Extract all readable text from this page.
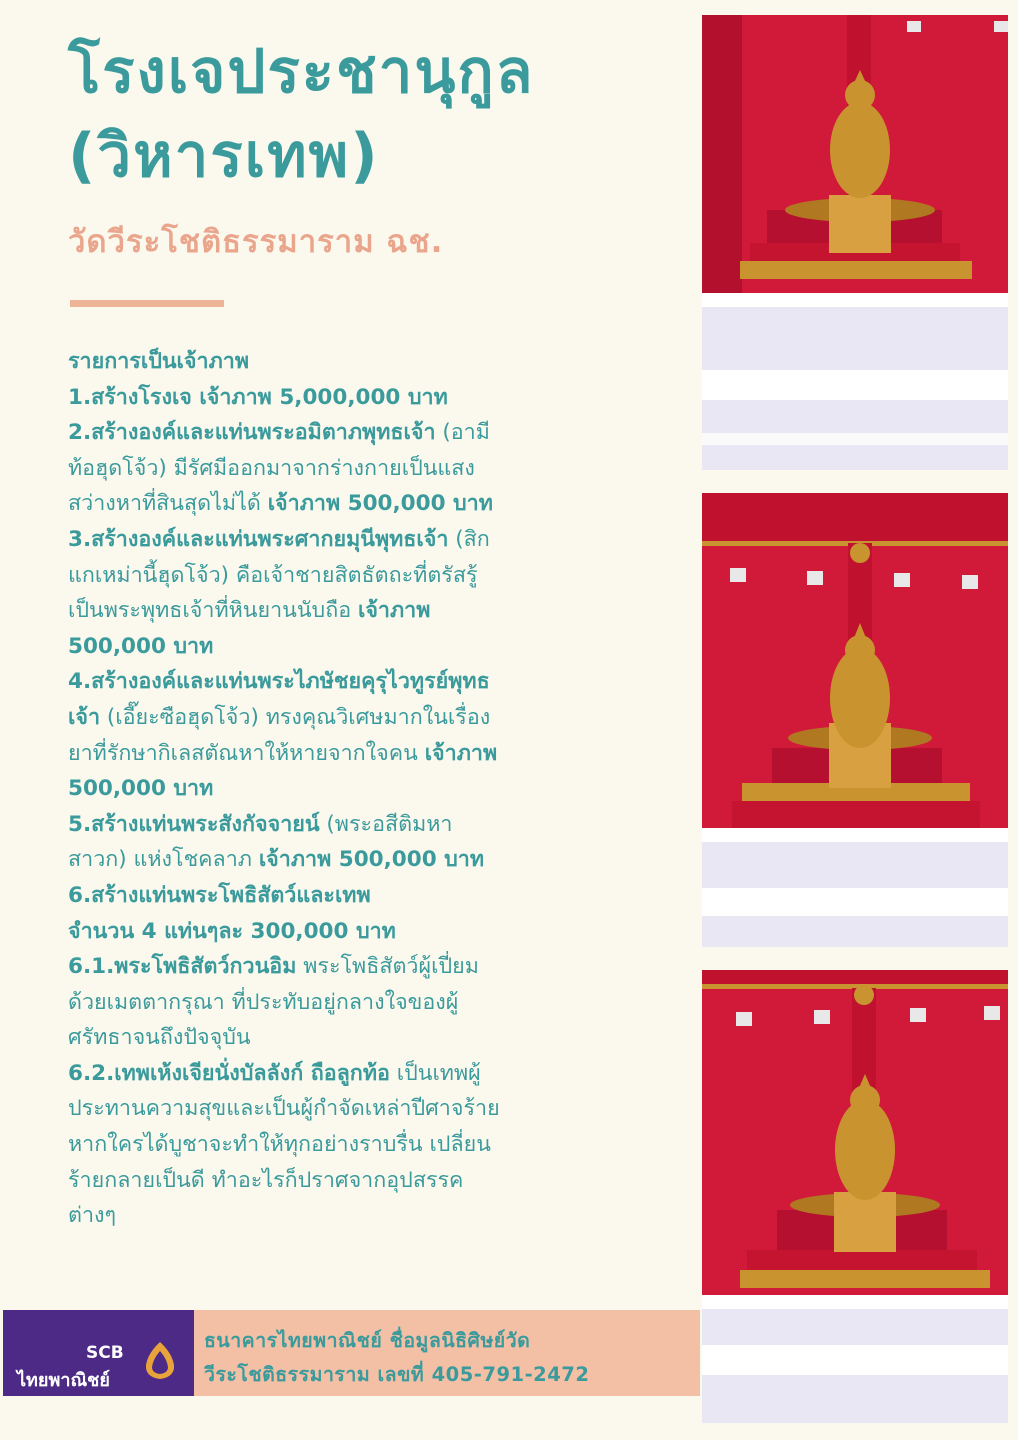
โรงเจประชานุกูล
(วิหารเทพ)
วัดวีระโชติธรรมาราม ฉช.

รายการเป็นเจ้าภาพ

1.สร้างโรงเจ เจ้าภาพ 5,000,000 บาท

2.สร้างองค์และแท่นพระอมิตาภพุทธเจ้า (อามีท้อฮุดโจ้ว) มีรัศมีออกมาจากร่างกายเป็นแสงสว่างหาที่สินสุดไม่ได้ เจ้าภาพ 500,000 บาท

3.สร้างองค์และแท่นพระศากยมุนีพุทธเจ้า (สิกแกเหม่านี้ฮุดโจ้ว) คือเจ้าชายสิตธัตถะที่ตรัสรู้เป็นพระพุทธเจ้าที่หินยานนับถือ เจ้าภาพ 500,000 บาท

4.สร้างองค์และแท่นพระไภษัชยคุรุไวทูรย์พุทธเจ้า (เอี๊ยะซือฮุดโจ้ว) ทรงคุณวิเศษมากในเรื่องยาที่รักษากิเลสตัณหาให้หายจากใจคน เจ้าภาพ 500,000 บาท

5.สร้างแท่นพระสังกัจจายน์ (พระอสีติมหาสาวก) แห่งโชคลาภ เจ้าภาพ 500,000 บาท

6.สร้างแท่นพระโพธิสัตว์และเทพ
จำนวน 4 แท่นๆละ 300,000 บาท

6.1.พระโพธิสัตว์กวนอิม พระโพธิสัตว์ผู้เปี่ยมด้วยเมตตากรุณา ที่ประทับอยู่กลางใจของผู้ศรัทธาจนถึงปัจจุบัน

6.2.เทพเห้งเจียนั่งบัลลังก์ ถือลูกท้อ เป็นเทพผู้ประทานความสุขและเป็นผู้กำจัดเหล่าปีศาจร้าย หากใครได้บูชาจะทำให้ทุกอย่างราบรื่น เปลี่ยนร้ายกลายเป็นดี ทำอะไรก็ปราศจากอุปสรรคต่างๆ

SCB
ไทยพาณิชย์
ธนาคารไทยพาณิชย์ ชื่อมูลนิธิศิษย์วัด
วีระโชติธรรมาราม เลขที่ 405-791-2472
